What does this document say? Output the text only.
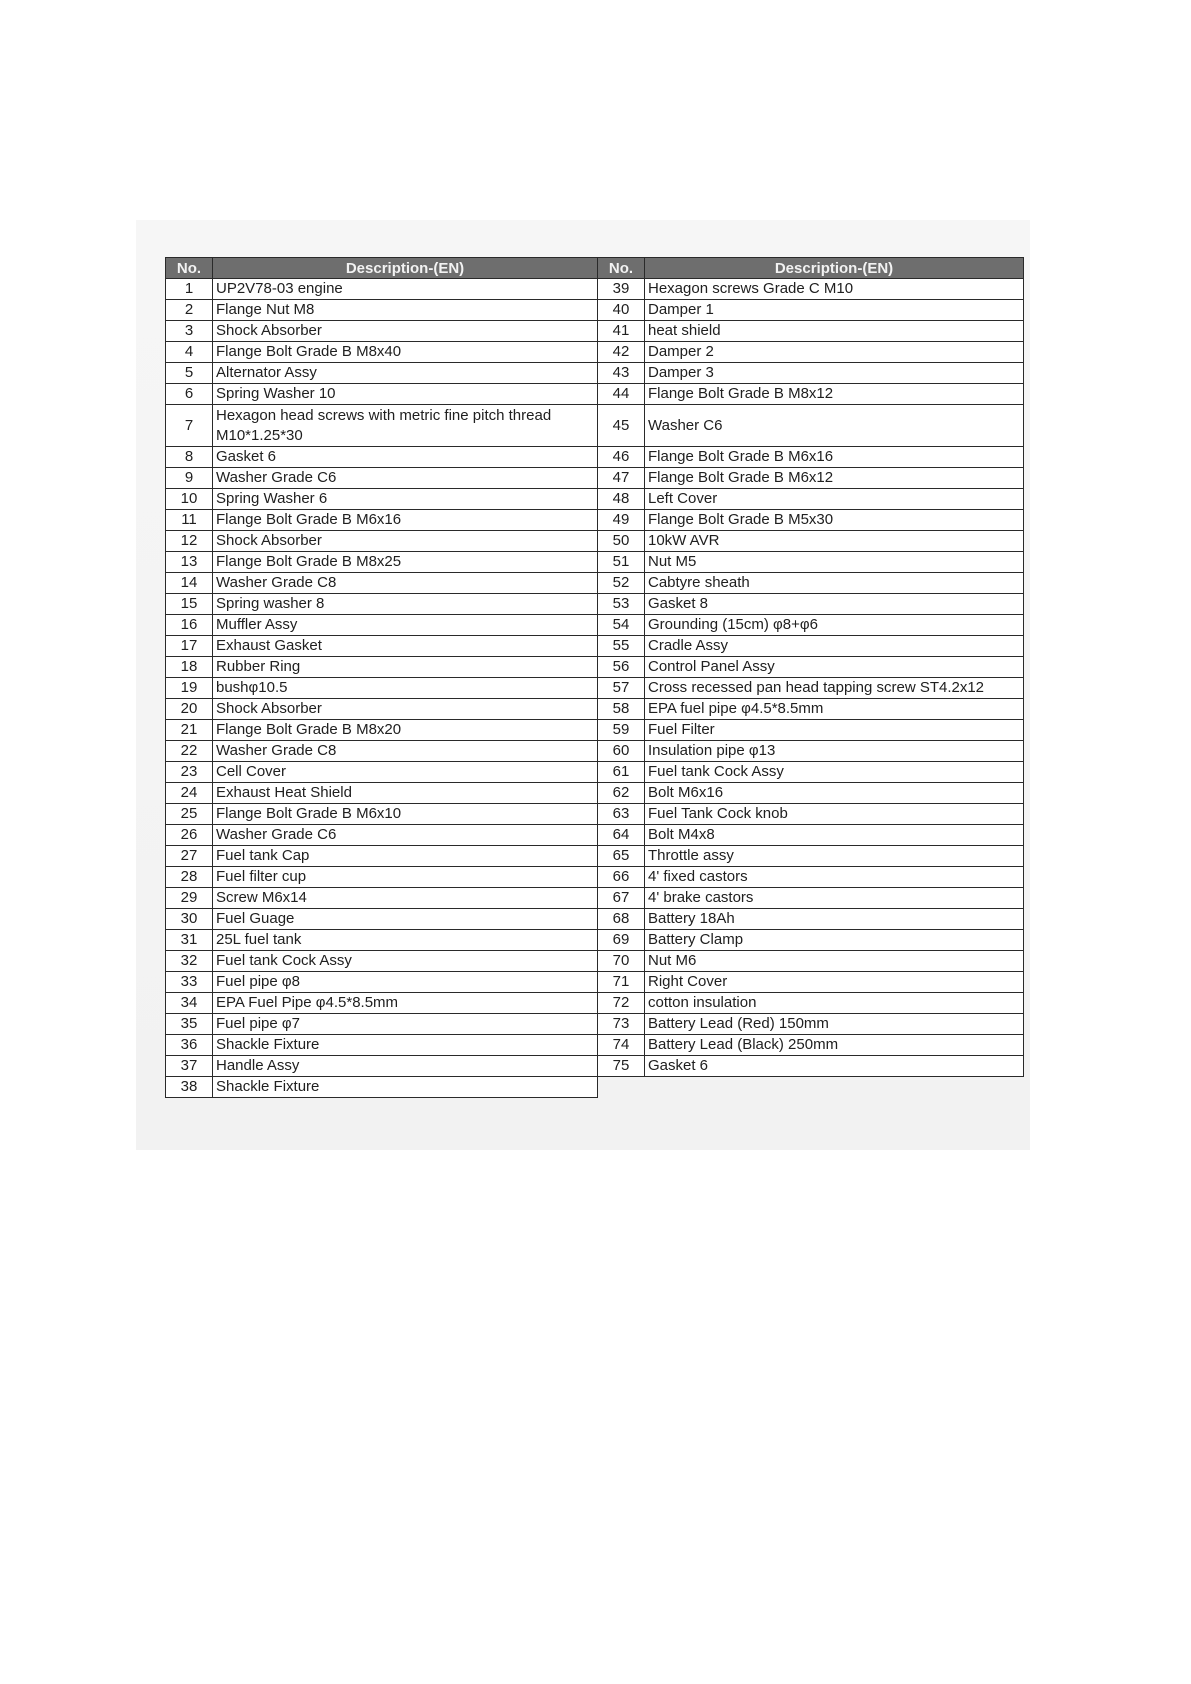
No.	Description-(EN)
1	UP2V78-03 engine
2	Flange Nut M8
3	Shock Absorber
4	Flange Bolt Grade B M8x40
5	Alternator Assy
6	Spring Washer 10
7	Hexagon head screws with metric fine pitch thread M10*1.25*30
8	Gasket 6
9	Washer Grade C6
10	Spring Washer 6
11	Flange Bolt Grade B M6x16
12	Shock Absorber
13	Flange Bolt Grade B M8x25
14	Washer Grade C8
15	Spring washer 8
16	Muffler Assy
17	Exhaust Gasket
18	Rubber Ring
19	bushφ10.5
20	Shock Absorber
21	Flange Bolt Grade B M8x20
22	Washer Grade C8
23	Cell Cover
24	Exhaust Heat Shield
25	Flange Bolt Grade B M6x10
26	Washer Grade C6
27	Fuel tank Cap
28	Fuel filter cup
29	Screw M6x14
30	Fuel Guage
31	25L fuel tank
32	Fuel tank Cock Assy
33	Fuel pipe φ8
34	EPA Fuel Pipe φ4.5*8.5mm
35	Fuel pipe φ7
36	Shackle Fixture
37	Handle Assy
38	Shackle Fixture
No.	Description-(EN)
39	Hexagon screws Grade C M10
40	Damper 1
41	heat shield
42	Damper 2
43	Damper 3
44	Flange Bolt Grade B M8x12
45	Washer C6
46	Flange Bolt Grade B M6x16
47	Flange Bolt Grade B M6x12
48	Left Cover
49	Flange Bolt Grade B M5x30
50	10kW AVR
51	Nut M5
52	Cabtyre sheath
53	Gasket 8
54	Grounding (15cm) φ8+φ6
55	Cradle Assy
56	Control Panel Assy
57	Cross recessed pan head tapping screw ST4.2x12
58	EPA fuel pipe φ4.5*8.5mm
59	Fuel Filter
60	Insulation pipe φ13
61	Fuel tank Cock Assy
62	Bolt M6x16
63	Fuel Tank Cock knob
64	Bolt M4x8
65	Throttle assy
66	4' fixed castors
67	4' brake castors
68	Battery 18Ah
69	Battery Clamp
70	Nut M6
71	Right Cover
72	cotton insulation
73	Battery Lead (Red) 150mm
74	Battery Lead (Black) 250mm
75	Gasket 6
